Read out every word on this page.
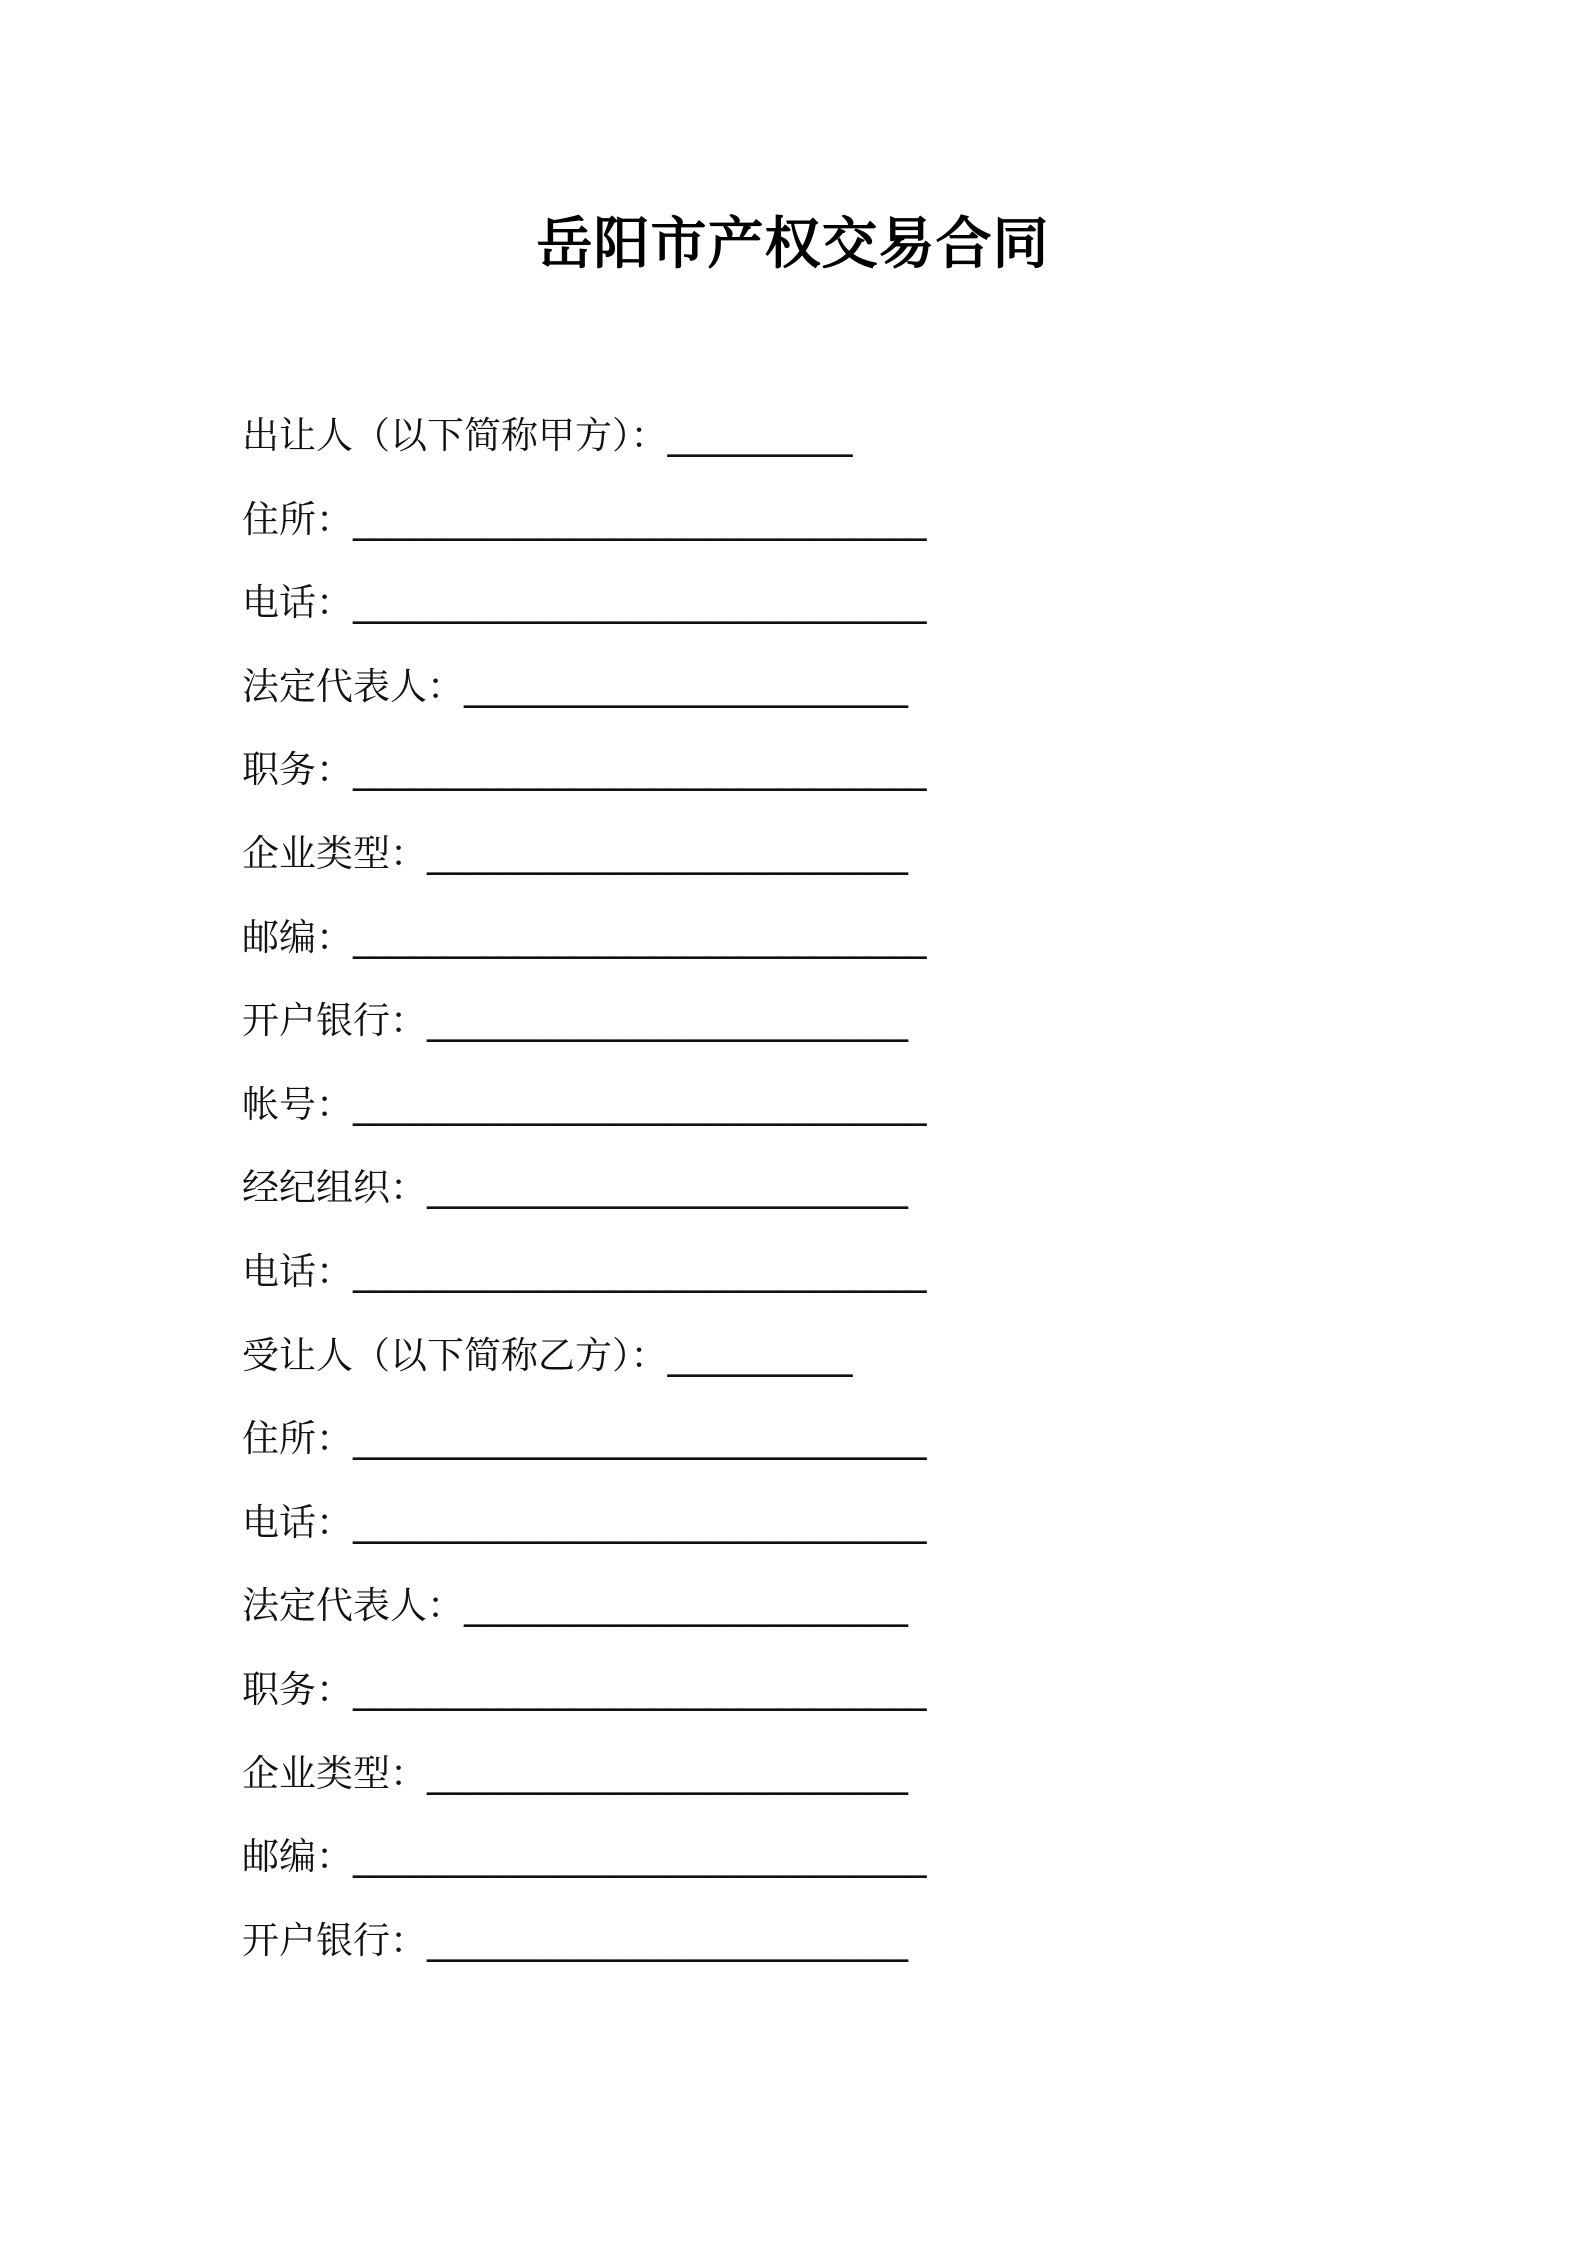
岳阳市产权交易合同
出让人（以下简称甲方）：__________
住所：_______________________________
电话：_______________________________
法定代表人：________________________
职务：_______________________________
企业类型：__________________________
邮编：_______________________________
开户银行：__________________________
帐号：_______________________________
经纪组织：__________________________
电话：_______________________________
受让人（以下简称乙方）：__________
住所：_______________________________
电话：_______________________________
法定代表人：________________________
职务：_______________________________
企业类型：__________________________
邮编：_______________________________
开户银行：__________________________
